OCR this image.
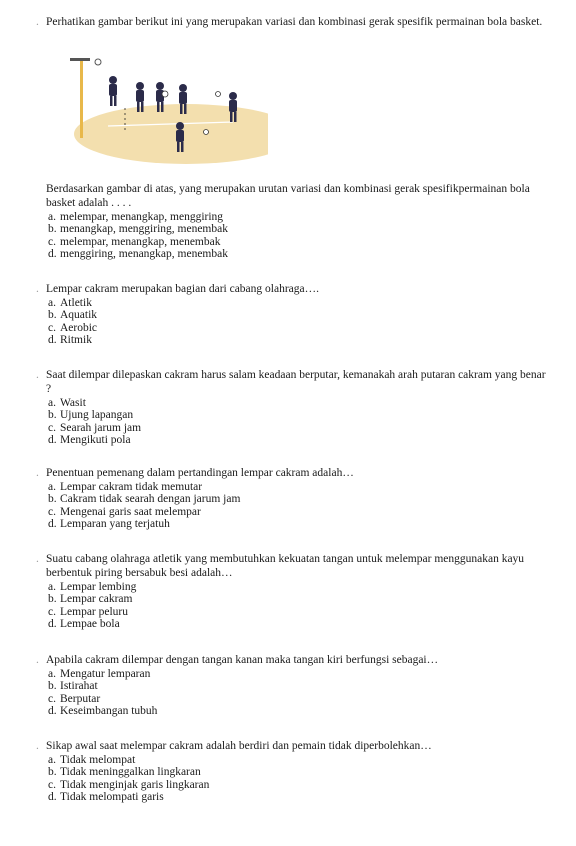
. Perhatikan gambar berikut ini yang merupakan variasi dan kombinasi gerak spesifik permainan bola basket.

Berdasarkan gambar di atas, yang merupakan urutan variasi dan kombinasi gerak spesifikpermainan bola basket adalah . . . .

a. melempar, menangkap, menggiring
b. menangkap, menggiring, menembak
c. melempar, menangkap, menembak
d. menggiring, menangkap, menembak
. Lempar cakram merupakan bagian dari cabang olahraga….

a. Atletik
b. Aquatik
c. Aerobic
d. Ritmik
. Saat dilempar dilepaskan cakram harus salam keadaan berputar, kemanakah arah putaran cakram yang benar ?

a. Wasit
b. Ujung lapangan
c. Searah jarum jam
d. Mengikuti pola
. Penentuan pemenang dalam pertandingan lempar cakram adalah…

a. Lempar cakram tidak memutar
b. Cakram tidak searah dengan jarum jam
c. Mengenai garis saat melempar
d. Lemparan yang terjatuh
. Suatu cabang olahraga atletik yang membutuhkan kekuatan tangan untuk melempar menggunakan kayu berbentuk piring bersabuk besi adalah…

a. Lempar lembing
b. Lempar cakram
c. Lempar peluru
d. Lempae bola
. Apabila cakram dilempar dengan tangan kanan maka tangan kiri berfungsi sebagai…

a. Mengatur lemparan
b. Istirahat
c. Berputar
d. Keseimbangan tubuh
. Sikap awal saat melempar cakram adalah berdiri dan pemain tidak diperbolehkan…

a. Tidak melompat
b. Tidak meninggalkan lingkaran
c. Tidak menginjak garis lingkaran
d. Tidak melompati garis
